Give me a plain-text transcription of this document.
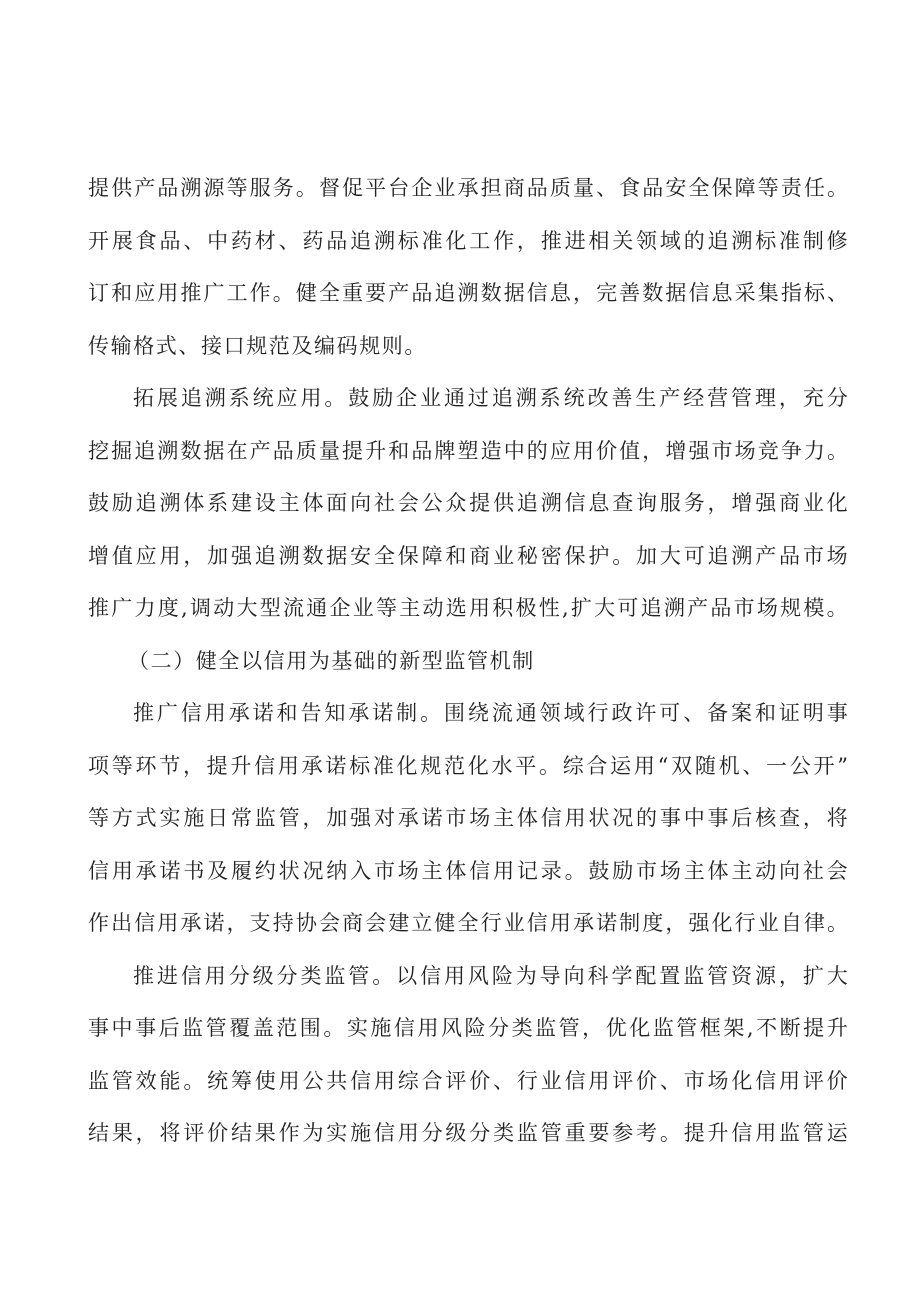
提 供 产 品 溯 源 等 服 务 。 督 促 平 台 企 业 承 担 商 品 质 量 、 食 品 安 全 保 障 等 责 任 。
开 展 食 品 、 中 药 材 、 药 品 追 溯 标 准 化 工 作 ， 推 进 相 关 领 域 的 追 溯 标 准 制 修
订 和 应 用 推 广 工 作 。 健 全 重 要 产 品 追 溯 数 据 信 息 ， 完 善 数 据 信 息 采 集 指 标 、
传输格式、接口规范及编码规则。
拓 展 追 溯 系 统 应 用 。 鼓 励 企 业 通 过 追 溯 系 统 改 善 生 产 经 营 管 理 ， 充 分
挖 掘 追 溯 数 据 在 产 品 质 量 提 升 和 品 牌 塑 造 中 的 应 用 价 值 ， 增 强 市 场 竞 争 力 。
鼓 励 追 溯 体 系 建 设 主 体 面 向 社 会 公 众 提 供 追 溯 信 息 查 询 服 务 ， 增 强 商 业 化
增 值 应 用 ， 加 强 追 溯 数 据 安 全 保 障 和 商 业 秘 密 保 护 。 加 大 可 追 溯 产 品 市 场
推 广 力 度 , 调 动 大 型 流 通 企 业 等 主 动 选 用 积 极 性 , 扩 大 可 追 溯 产 品 市 场 规 模 。
（二）健全以信用为基础的新型监管机制
推 广 信 用 承 诺 和 告 知 承 诺 制 。 围 绕 流 通 领 域 行 政 许 可 、 备 案 和 证 明 事
项 等 环 节 ， 提 升 信 用 承 诺 标 准 化 规 范 化 水 平 。 综 合 运 用 “ 双 随 机 、 一 公 开 ”
等 方 式 实 施 日 常 监 管 ， 加 强 对 承 诺 市 场 主 体 信 用 状 况 的 事 中 事 后 核 查 ， 将
信 用 承 诺 书 及 履 约 状 况 纳 入 市 场 主 体 信 用 记 录 。 鼓 励 市 场 主 体 主 动 向 社 会
作 出 信 用 承 诺 ， 支 持 协 会 商 会 建 立 健 全 行 业 信 用 承 诺 制 度 ， 强 化 行 业 自 律 。
推 进 信 用 分 级 分 类 监 管 。 以 信 用 风 险 为 导 向 科 学 配 置 监 管 资 源 ， 扩 大
事 中 事 后 监 管 覆 盖 范 围 。 实 施 信 用 风 险 分 类 监 管 ， 优 化 监 管 框 架 , 不 断 提 升
监 管 效 能 。 统 筹 使 用 公 共 信 用 综 合 评 价 、 行 业 信 用 评 价 、 市 场 化 信 用 评 价
结 果 ， 将 评 价 结 果 作 为 实 施 信 用 分 级 分 类 监 管 重 要 参 考 。 提 升 信 用 监 管 运
